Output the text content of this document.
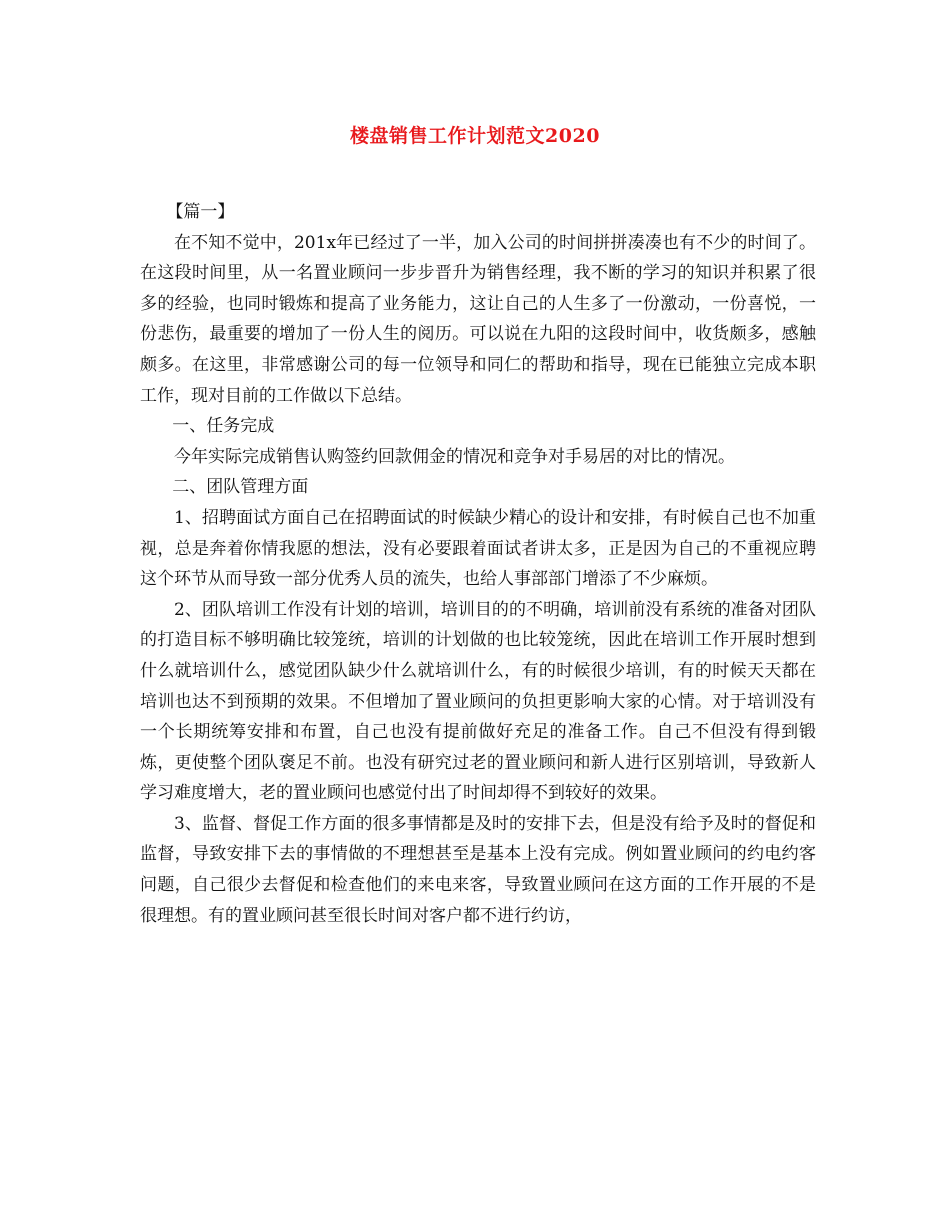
楼盘销售工作计划范文2020

【篇一】

在不知不觉中，201x年已经过了一半，加入公司的时间拼拼凑凑也有不少的时间了。在这段时间里，从一名置业顾问一步步晋升为销售经理，我不断的学习的知识并积累了很多的经验，也同时锻炼和提高了业务能力，这让自己的人生多了一份激动，一份喜悦，一份悲伤，最重要的增加了一份人生的阅历。可以说在九阳的这段时间中，收货颇多，感触颇多。在这里，非常感谢公司的每一位领导和同仁的帮助和指导，现在已能独立完成本职工作，现对目前的工作做以下总结。

一、任务完成

今年实际完成销售认购签约回款佣金的情况和竞争对手易居的对比的情况。

二、团队管理方面

1、招聘面试方面自己在招聘面试的时候缺少精心的设计和安排，有时候自己也不加重视，总是奔着你情我愿的想法，没有必要跟着面试者讲太多，正是因为自己的不重视应聘这个环节从而导致一部分优秀人员的流失，也给人事部部门增添了不少麻烦。

2、团队培训工作没有计划的培训，培训目的的不明确，培训前没有系统的准备对团队的打造目标不够明确比较笼统，培训的计划做的也比较笼统，因此在培训工作开展时想到什么就培训什么，感觉团队缺少什么就培训什么，有的时候很少培训，有的时候天天都在培训也达不到预期的效果。不但增加了置业顾问的负担更影响大家的心情。对于培训没有一个长期统筹安排和布置，自己也没有提前做好充足的准备工作。自己不但没有得到锻炼，更使整个团队褒足不前。也没有研究过老的置业顾问和新人进行区别培训，导致新人学习难度增大，老的置业顾问也感觉付出了时间却得不到较好的效果。

3、监督、督促工作方面的很多事情都是及时的安排下去，但是没有给予及时的督促和监督，导致安排下去的事情做的不理想甚至是基本上没有完成。例如置业顾问的约电约客问题，自己很少去督促和检查他们的来电来客，导致置业顾问在这方面的工作开展的不是很理想。有的置业顾问甚至很长时间对客户都不进行约访，
